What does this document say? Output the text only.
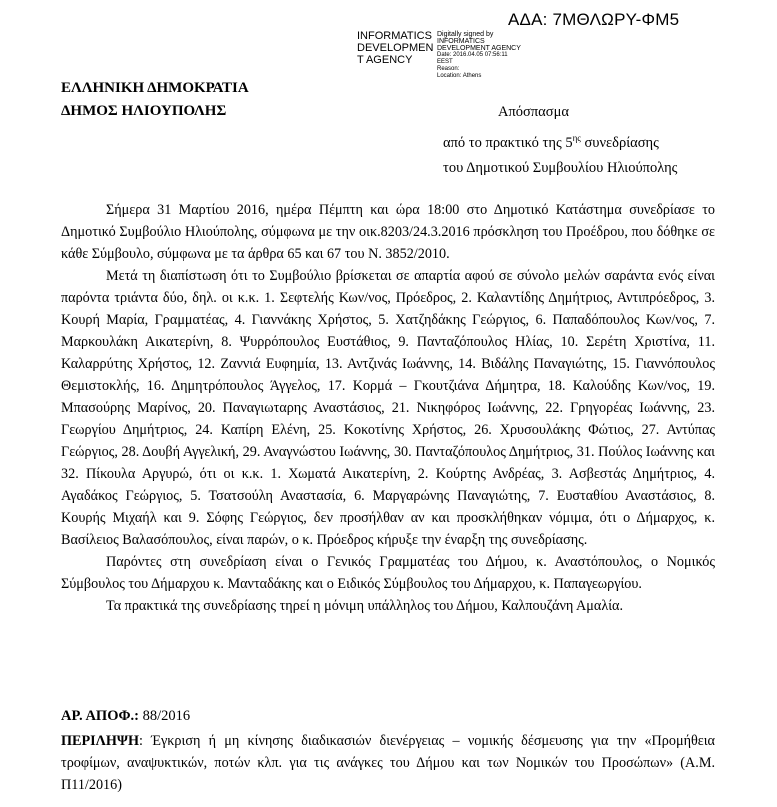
ΑΔΑ: 7ΜΘΛΩΡΥ-ΦΜ5
INFORMATICS DEVELOPMEN T AGENCY
Digitally signed by
INFORMATICS
DEVELOPMENT AGENCY
Date: 2016.04.05 07:56:11
EEST
Reason:
Location: Athens
ΕΛΛΗΝΙΚΗ ΔΗΜΟΚΡΑΤΙΑ
ΔΗΜΟΣ ΗΛΙΟΥΠΟΛΗΣ	Απόσπασμα
από το πρακτικό της $5^{\eta\varsigma}$ συνεδρίασης
του Δημοτικού Συμβουλίου Ηλιούπολης

Σήμερα 31 Μαρτίου 2016, ημέρα Πέμπτη και ώρα 18:00 στο Δημοτικό Κατάστημα συνεδρίασε το Δημοτικό Συμβούλιο Ηλιούπολης, σύμφωνα με την οικ.8203/24.3.2016 πρόσκληση του Προέδρου, που δόθηκε σε κάθε Σύμβουλο, σύμφωνα με τα άρθρα 65 και 67 του Ν. 3852/2010.

Μετά τη διαπίστωση ότι το Συμβούλιο βρίσκεται σε απαρτία αφού σε σύνολο μελών σαράντα ενός είναι παρόντα τριάντα δύο, δηλ. οι κ.κ. 1. Σεφτελής Κων/νος, Πρόεδρος, 2. Καλαντίδης Δημήτριος, Αντιπρόεδρος, 3. Κουρή Μαρία, Γραμματέας, 4. Γιαννάκης Χρήστος, 5. Χατζηδάκης Γεώργιος, 6. Παπαδόπουλος Κων/νος, 7. Μαρκουλάκη Αικατερίνη, 8. Ψυρρόπουλος Ευστάθιος, 9. Πανταζόπουλος Ηλίας, 10. Σερέτη Χριστίνα, 11. Καλαρρύτης Χρήστος, 12. Ζαννιά Ευφημία, 13. Αντζινάς Ιωάννης, 14. Βιδάλης Παναγιώτης, 15. Γιαννόπουλος Θεμιστοκλής, 16. Δημητρόπουλος Άγγελος, 17. Κορμά – Γκουτζιάνα Δήμητρα, 18. Καλούδης Κων/νος, 19. Μπασούρης Μαρίνος, 20. Παναγιωταρης Αναστάσιος, 21. Νικηφόρος Ιωάννης, 22. Γρηγορέας Ιωάννης, 23. Γεωργίου Δημήτριος, 24. Καπίρη Ελένη, 25. Κοκοτίνης Χρήστος, 26. Χρυσουλάκης Φώτιος, 27. Αντύπας Γεώργιος, 28. Δουβή Αγγελική, 29. Αναγνώστου Ιωάννης, 30. Πανταζόπουλος Δημήτριος, 31. Πούλος Ιωάννης και 32. Πίκουλα Αργυρώ, ότι οι κ.κ. 1. Χωματά Αικατερίνη, 2. Κούρτης Ανδρέας, 3. Ασβεστάς Δημήτριος, 4. Αγαδάκος Γεώργιος, 5. Τσατσούλη Αναστασία, 6. Μαργαρώνης Παναγιώτης, 7. Ευσταθίου Αναστάσιος, 8. Κουρής Μιχαήλ και 9. Σόφης Γεώργιος, δεν προσήλθαν αν και προσκλήθηκαν νόμιμα, ότι ο Δήμαρχος, κ. Βασίλειος Βαλασόπουλος, είναι παρών, ο κ. Πρόεδρος κήρυξε την έναρξη της συνεδρίασης.

Παρόντες στη συνεδρίαση είναι ο Γενικός Γραμματέας του Δήμου, κ. Αναστόπουλος, ο Νομικός Σύμβουλος του Δήμαρχου κ. Μανταδάκης και ο Ειδικός Σύμβουλος του Δήμαρχου, κ. Παπαγεωργίου.

Τα πρακτικά της συνεδρίασης τηρεί η μόνιμη υπάλληλος του Δήμου, Καλπουζάνη Αμαλία.

ΑΡ. ΑΠΟΦ.: 88/2016
ΠΕΡΙΛΗΨΗ: Έγκριση ή μη κίνησης διαδικασιών διενέργειας – νομικής δέσμευσης για την «Προμήθεια τροφίμων, αναψυκτικών, ποτών κλπ. για τις ανάγκες του Δήμου και των Νομικών του Προσώπων» (Α.Μ. Π11/2016)
